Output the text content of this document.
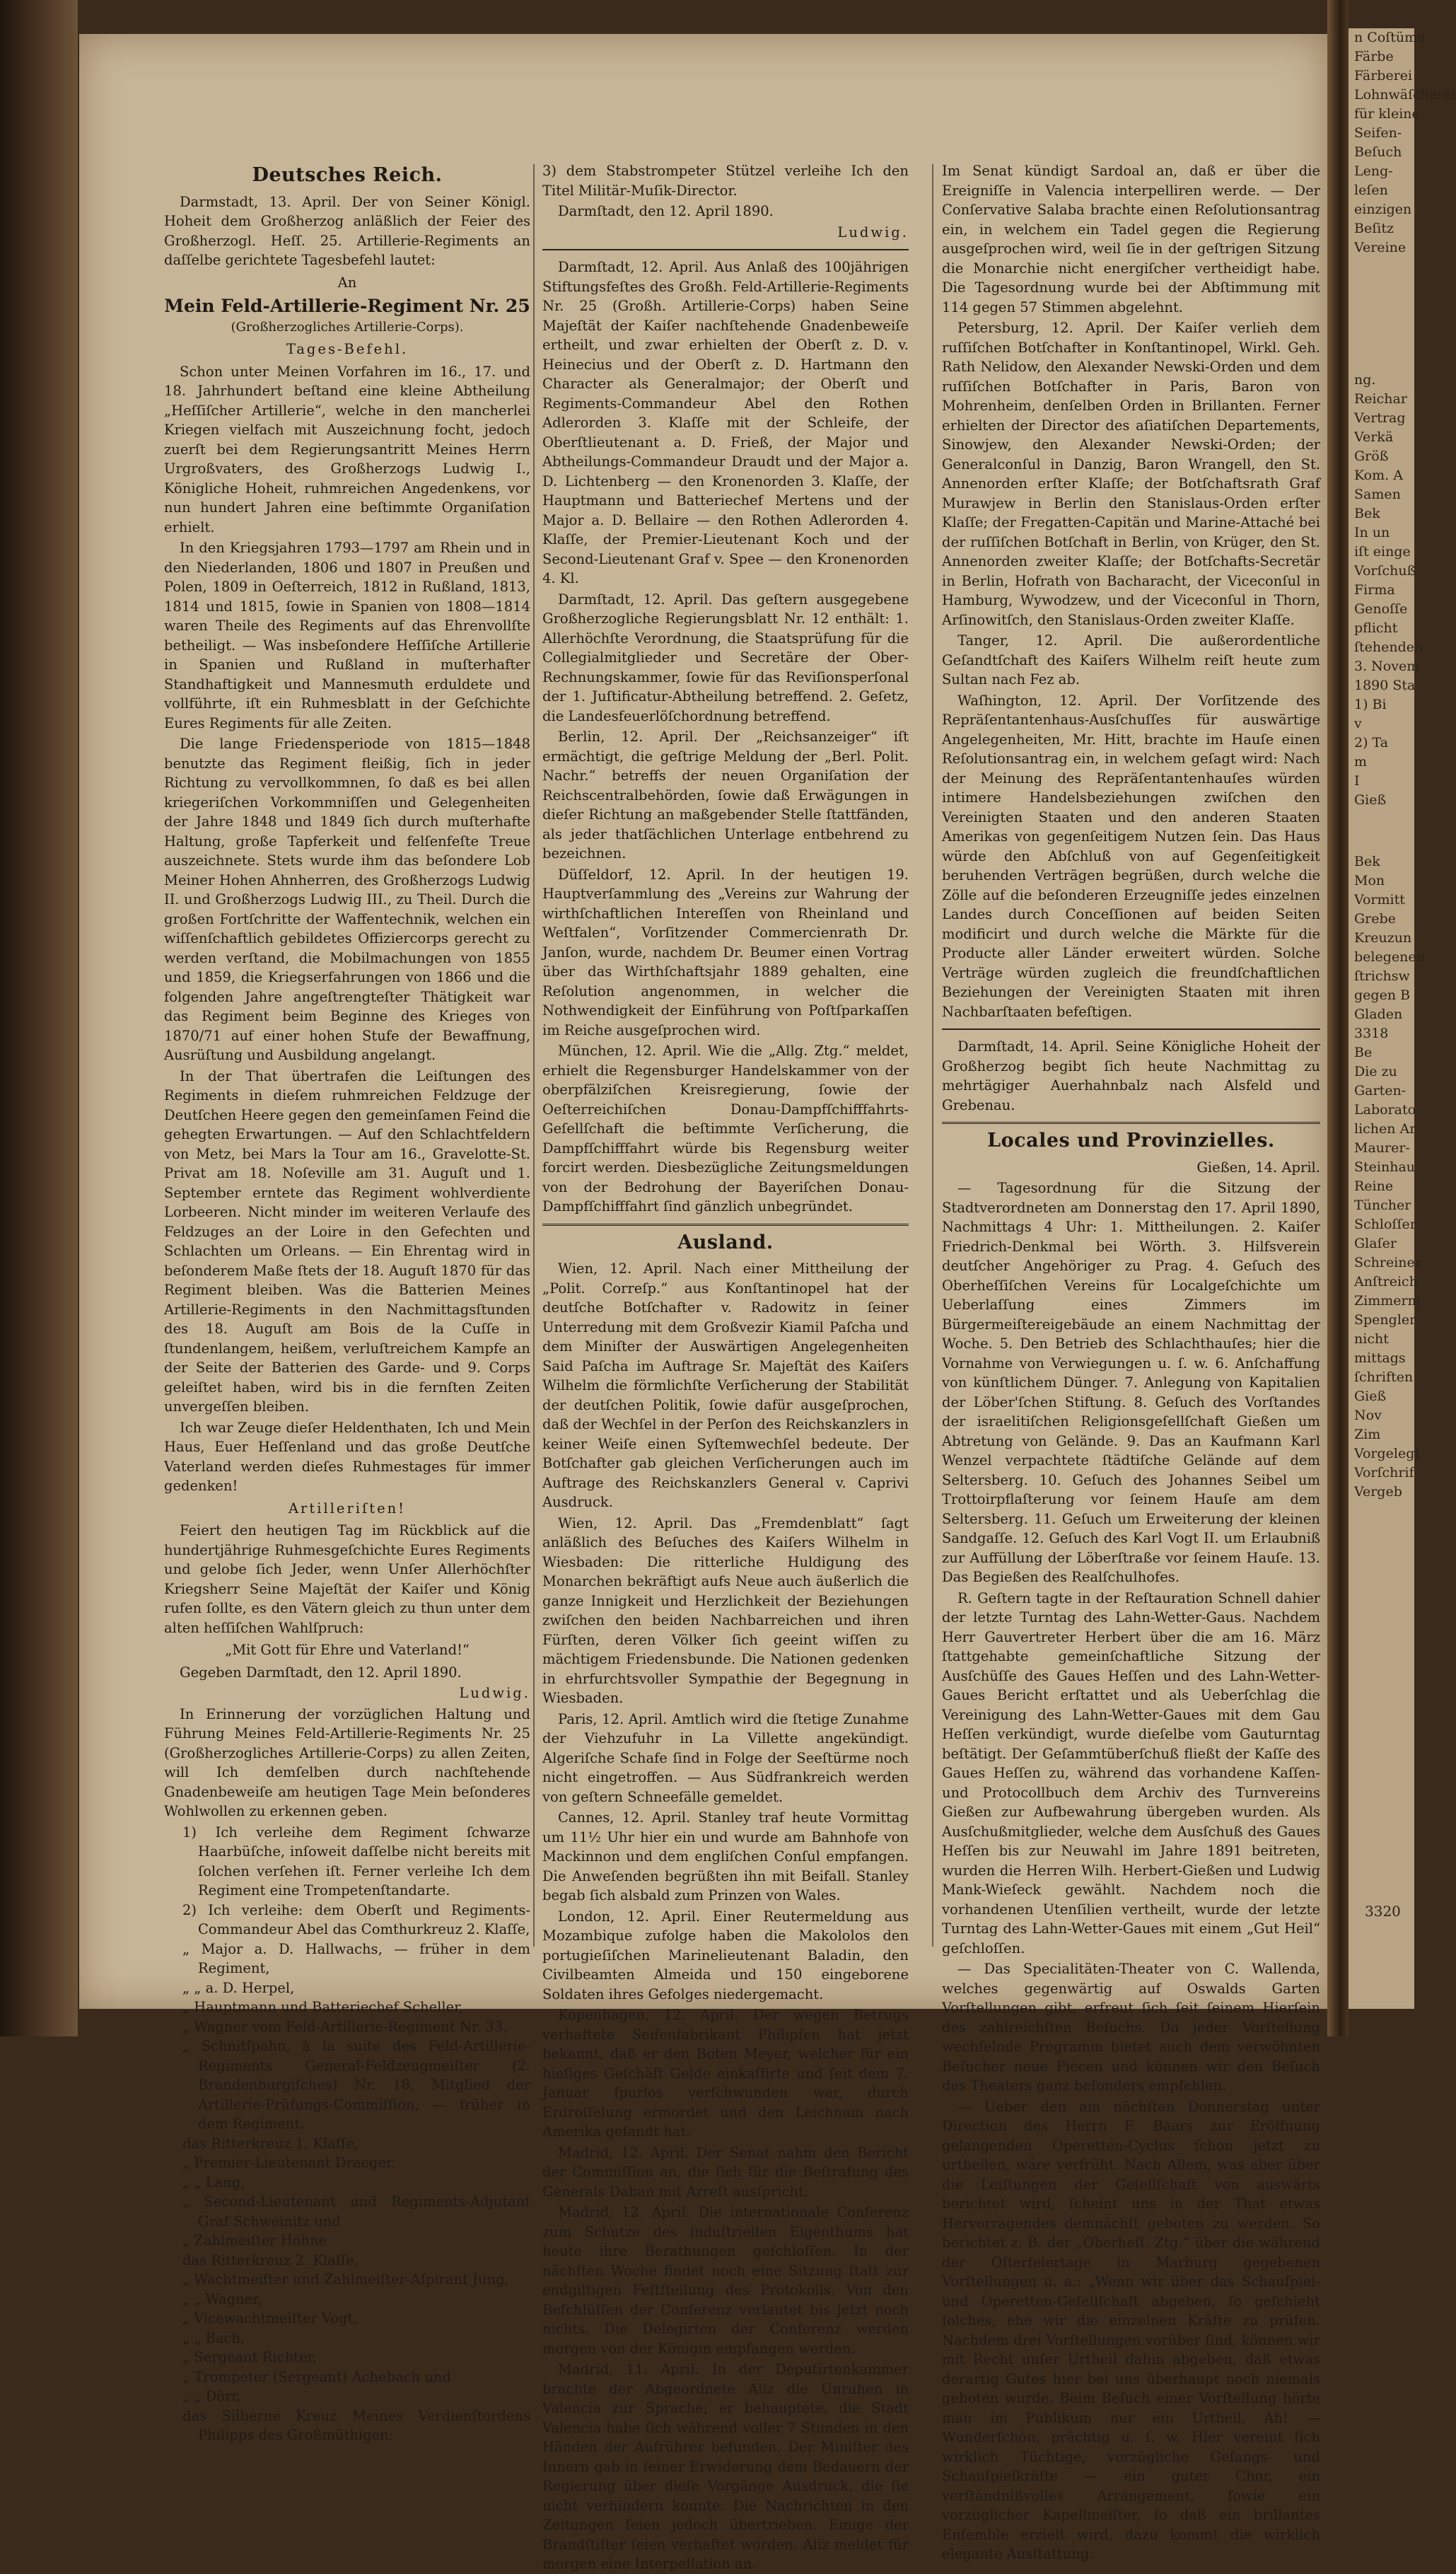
Deutsches Reich.

Darmstadt, 13. April. Der von Seiner Königl. Hoheit dem Großherzog anläßlich der Feier des Großherzogl. Heſſ. 25. Artillerie-Regiments an daſſelbe gerichtete Tagesbefehl lautet:

An
Mein Feld-Artillerie-Regiment Nr. 25
(Großherzogliches Artillerie-Corps).
Tages-Befehl.

Schon unter Meinen Vorfahren im 16., 17. und 18. Jahrhundert beſtand eine kleine Abtheilung „Heſſiſcher Artillerie“, welche in den mancherlei Kriegen vielfach mit Auszeichnung focht, jedoch zuerſt bei dem Regierungsantritt Meines Herrn Urgroßvaters, des Großherzogs Ludwig I., Königliche Hoheit, ruhmreichen Angedenkens, vor nun hundert Jahren eine beſtimmte Organiſation erhielt.

In den Kriegsjahren 1793—1797 am Rhein und in den Niederlanden, 1806 und 1807 in Preußen und Polen, 1809 in Oeſterreich, 1812 in Rußland, 1813, 1814 und 1815, ſowie in Spanien von 1808—1814 waren Theile des Regiments auf das Ehrenvollſte betheiligt. — Was insbeſondere Heſſiſche Artillerie in Spanien und Rußland in muſterhafter Standhaftigkeit und Mannesmuth erduldete und vollführte, iſt ein Ruhmesblatt in der Geſchichte Eures Regiments für alle Zeiten.

Die lange Friedensperiode von 1815—1848 benutzte das Regiment fleißig, ſich in jeder Richtung zu vervollkommnen, ſo daß es bei allen kriegeriſchen Vorkommniſſen und Gelegenheiten der Jahre 1848 und 1849 ſich durch muſterhafte Haltung, große Tapferkeit und felſenfeſte Treue auszeichnete. Stets wurde ihm das beſondere Lob Meiner Hohen Ahnherren, des Großherzogs Ludwig II. und Großherzogs Ludwig III., zu Theil. Durch die großen Fortſchritte der Waffentechnik, welchen ein wiſſenſchaftlich gebildetes Offiziercorps gerecht zu werden verſtand, die Mobilmachungen von 1855 und 1859, die Kriegserfahrungen von 1866 und die folgenden Jahre angeſtrengteſter Thätigkeit war das Regiment beim Beginne des Krieges von 1870/71 auf einer hohen Stufe der Bewaffnung, Ausrüſtung und Ausbildung angelangt.

In der That übertrafen die Leiſtungen des Regiments in dieſem ruhmreichen Feldzuge der Deutſchen Heere gegen den gemeinſamen Feind die gehegten Erwartungen. — Auf den Schlachtfeldern von Metz, bei Mars la Tour am 16., Gravelotte-St. Privat am 18. Noſeville am 31. Auguſt und 1. September erntete das Regiment wohlverdiente Lorbeeren. Nicht minder im weiteren Verlaufe des Feldzuges an der Loire in den Gefechten und Schlachten um Orleans. — Ein Ehrentag wird in beſonderem Maße ſtets der 18. Auguſt 1870 für das Regiment bleiben. Was die Batterien Meines Artillerie-Regiments in den Nachmittagsſtunden des 18. Auguſt am Bois de la Cuſſe in ſtundenlangem, heißem, verluſtreichem Kampfe an der Seite der Batterien des Garde- und 9. Corps geleiſtet haben, wird bis in die fernſten Zeiten unvergeſſen bleiben.

Ich war Zeuge dieſer Heldenthaten, Ich und Mein Haus, Euer Heſſenland und das große Deutſche Vaterland werden dieſes Ruhmestages für immer gedenken!

Artilleriſten!

Feiert den heutigen Tag im Rückblick auf die hundertjährige Ruhmesgeſchichte Eures Regiments und gelobe ſich Jeder, wenn Unſer Allerhöchſter Kriegsherr Seine Majeſtät der Kaiſer und König rufen ſollte, es den Vätern gleich zu thun unter dem alten heſſiſchen Wahlſpruch:

„Mit Gott für Ehre und Vaterland!“

Gegeben Darmſtadt, den 12. April 1890.

Ludwig.

In Erinnerung der vorzüglichen Haltung und Führung Meines Feld-Artillerie-Regiments Nr. 25 (Großherzogliches Artillerie-Corps) zu allen Zeiten, will Ich demſelben durch nachſtehende Gnadenbeweiſe am heutigen Tage Mein beſonderes Wohlwollen zu erkennen geben.

1) Ich verleihe dem Regiment ſchwarze Haarbüſche, inſoweit daſſelbe nicht bereits mit ſolchen verſehen iſt. Ferner verleihe Ich dem Regiment eine Trompetenſtandarte.
2) Ich verleihe: dem Oberſt und Regiments-Commandeur Abel das Comthurkreuz 2. Klaſſe,
„ Major a. D. Hallwachs, — früher in dem Regiment,
„ „ a. D. Herpel,
„ Hauptmann und Batteriechef Scheller,
„ Wagner vom Feld-Artillerie-Regiment Nr. 33,
„ Schnitſpahn, à la suite des Feld-Artillerie-Regiments General-Feldzeugmeiſter (2. Brandenburgiſches) Nr. 18, Mitglied der Artillerie-Prüfungs-Commiſſion, — früher in dem Regiment.
das Ritterkreuz 1. Klaſſe,
„ Premier-Lieutenant Draeger,
„ „ Lang,
„ Second-Lieutenant und Regiments-Adjutant Graf Schweinitz und
„ Zahlmeiſter Höhne
das Ritterkreuz 2. Klaſſe,
„ Wachtmeiſter und Zahlmeiſter-Aſpirant Jung,
„ „ Wagner,
„ Vicewachtmeiſter Vogt,
„ „ Bach,
„ Sergeant Richter,
„ Trompeter (Sergeant) Achebach und
„ „ Dörr,
das Silberne Kreuz Meines Verdienſtordens Philipps des Großmüthigen;

3) dem Stabstrompeter Stützel verleihe Ich den Titel Militär-Muſik-Director.

Darmſtadt, den 12. April 1890.

Ludwig.

Darmſtadt, 12. April. Aus Anlaß des 100jährigen Stiftungsfeſtes des Großh. Feld-Artillerie-Regiments Nr. 25 (Großh. Artillerie-Corps) haben Seine Majeſtät der Kaiſer nachſtehende Gnadenbeweiſe ertheilt, und zwar erhielten der Oberſt z. D. v. Heinecius und der Oberſt z. D. Hartmann den Character als Generalmajor; der Oberſt und Regiments-Commandeur Abel den Rothen Adlerorden 3. Klaſſe mit der Schleife, der Oberſtlieutenant a. D. Frieß, der Major und Abtheilungs-Commandeur Draudt und der Major a. D. Lichtenberg — den Kronenorden 3. Klaſſe, der Hauptmann und Batteriechef Mertens und der Major a. D. Bellaire — den Rothen Adlerorden 4. Klaſſe, der Premier-Lieutenant Koch und der Second-Lieutenant Graf v. Spee — den Kronenorden 4. Kl.

Darmſtadt, 12. April. Das geſtern ausgegebene Großherzogliche Regierungsblatt Nr. 12 enthält: 1. Allerhöchſte Verordnung, die Staatsprüfung für die Collegialmitglieder und Secretäre der Ober-Rechnungskammer, ſowie für das Reviſionsperſonal der 1. Juſtificatur-Abtheilung betreffend. 2. Geſetz, die Landesfeuerlöſchordnung betreffend.

Berlin, 12. April. Der „Reichsanzeiger“ iſt ermächtigt, die geſtrige Meldung der „Berl. Polit. Nachr.“ betreffs der neuen Organiſation der Reichscentralbehörden, ſowie daß Erwägungen in dieſer Richtung an maßgebender Stelle ſtattfänden, als jeder thatſächlichen Unterlage entbehrend zu bezeichnen.

Düſſeldorf, 12. April. In der heutigen 19. Hauptverſammlung des „Vereins zur Wahrung der wirthſchaftlichen Intereſſen von Rheinland und Weſtfalen“, Vorſitzender Commercienrath Dr. Janſon, wurde, nachdem Dr. Beumer einen Vortrag über das Wirthſchaftsjahr 1889 gehalten, eine Reſolution angenommen, in welcher die Nothwendigkeit der Einführung von Poſtſparkaſſen im Reiche ausgeſprochen wird.

München, 12. April. Wie die „Allg. Ztg.“ meldet, erhielt die Regensburger Handelskammer von der oberpfälziſchen Kreisregierung, ſowie der Oeſterreichiſchen Donau-Dampfſchifffahrts-Geſellſchaft die beſtimmte Verſicherung, die Dampfſchifffahrt würde bis Regensburg weiter forcirt werden. Diesbezügliche Zeitungsmeldungen von der Bedrohung der Bayeriſchen Donau-Dampfſchifffahrt ſind gänzlich unbegründet.

Ausland.

Wien, 12. April. Nach einer Mittheilung der „Polit. Correſp.“ aus Konſtantinopel hat der deutſche Botſchafter v. Radowitz in ſeiner Unterredung mit dem Großvezir Kiamil Paſcha und dem Miniſter der Auswärtigen Angelegenheiten Said Paſcha im Auftrage Sr. Majeſtät des Kaiſers Wilhelm die förmlichſte Verſicherung der Stabilität der deutſchen Politik, ſowie dafür ausgeſprochen, daß der Wechſel in der Perſon des Reichskanzlers in keiner Weiſe einen Syſtemwechſel bedeute. Der Botſchafter gab gleichen Verſicherungen auch im Auftrage des Reichskanzlers General v. Caprivi Ausdruck.

Wien, 12. April. Das „Fremdenblatt“ ſagt anläßlich des Beſuches des Kaiſers Wilhelm in Wiesbaden: Die ritterliche Huldigung des Monarchen bekräftigt aufs Neue auch äußerlich die ganze Innigkeit und Herzlichkeit der Beziehungen zwiſchen den beiden Nachbarreichen und ihren Fürſten, deren Völker ſich geeint wiſſen zu mächtigem Friedensbunde. Die Nationen gedenken in ehrfurchtsvoller Sympathie der Begegnung in Wiesbaden.

Paris, 12. April. Amtlich wird die ſtetige Zunahme der Viehzufuhr in La Villette angekündigt. Algeriſche Schafe ſind in Folge der Seeſtürme noch nicht eingetroffen. — Aus Südfrankreich werden von geſtern Schneefälle gemeldet.

Cannes, 12. April. Stanley traf heute Vormittag um 11½ Uhr hier ein und wurde am Bahnhofe von Mackinnon und dem engliſchen Conſul empfangen. Die Anweſenden begrüßten ihn mit Beifall. Stanley begab ſich alsbald zum Prinzen von Wales.

London, 12. April. Einer Reutermeldung aus Mozambique zufolge haben die Makololos den portugieſiſchen Marinelieutenant Baladin, den Civilbeamten Almeida und 150 eingeborene Soldaten ihres Gefolges niedergemacht.

Kopenhagen, 12. April. Der wegen Betrugs verhaftete Seifenfabrikant Philipſen hat jetzt bekannt, daß er den Boten Meyer, welcher für ein hieſiges Geſchäft Gelde einkaſſirte und ſeit dem 7. Januar ſpurlos verſchwunden war, durch Erdroſſelung ermordet und den Leichnam nach Amerika geſandt hat.

Madrid, 12. April. Der Senat nahm den Bericht der Commiſſion an, die ſich für die Beſtrafung des Generals Daban mit Arreſt ausſpricht.

Madrid, 12. April. Die internationale Conferenz zum Schutze des induſtriellen Eigenthums hat heute ihre Berathungen geſchloſſen. In der nächſten Woche findet noch eine Sitzung ſtatt zur endgiltigen Feſtſtellung des Protokolls. Von den Beſchlüſſen der Conferenz verlautet bis jetzt noch nichts. Die Delegirten der Conferenz werden morgen von der Königin empfangen werden.

Madrid, 11. April. In der Deputirtenkammer brachte der Abgeordnete Aliz die Unruhen in Valencia zur Sprache; er behauptete, die Stadt Valencia habe ſich während voller 7 Stunden in den Händen der Aufrührer befunden. Der Miniſter des Innern gab in ſeiner Erwiderung dem Bedauern der Regierung über dieſe Vorgänge Ausdruck, die ſie nicht verhindern konnte. Die Nachrichten in den Zeitungen ſeien jedoch übertrieben. Einige der Brandſtifter ſeien verhaftet worden. Aliz meldet für morgen eine Interpellation an.

Im Senat kündigt Sardoal an, daß er über die Ereigniſſe in Valencia interpelliren werde. — Der Conſervative Salaba brachte einen Reſolutionsantrag ein, in welchem ein Tadel gegen die Regierung ausgeſprochen wird, weil ſie in der geſtrigen Sitzung die Monarchie nicht energiſcher vertheidigt habe. Die Tagesordnung wurde bei der Abſtimmung mit 114 gegen 57 Stimmen abgelehnt.

Petersburg, 12. April. Der Kaiſer verlieh dem ruſſiſchen Botſchafter in Konſtantinopel, Wirkl. Geh. Rath Nelidow, den Alexander Newski-Orden und dem ruſſiſchen Botſchafter in Paris, Baron von Mohrenheim, denſelben Orden in Brillanten. Ferner erhielten der Director des aſiatiſchen Departements, Sinowjew, den Alexander Newski-Orden; der Generalconſul in Danzig, Baron Wrangell, den St. Annenorden erſter Klaſſe; der Botſchaftsrath Graf Murawjew in Berlin den Stanislaus-Orden erſter Klaſſe; der Fregatten-Capitän und Marine-Attaché bei der ruſſiſchen Botſchaft in Berlin, von Krüger, den St. Annenorden zweiter Klaſſe; der Botſchafts-Secretär in Berlin, Hofrath von Bacharacht, der Viceconſul in Hamburg, Wywodzew, und der Viceconſul in Thorn, Arſinowitſch, den Stanislaus-Orden zweiter Klaſſe.

Tanger, 12. April. Die außerordentliche Geſandtſchaft des Kaiſers Wilhelm reiſt heute zum Sultan nach Fez ab.

Waſhington, 12. April. Der Vorſitzende des Repräſentantenhaus-Ausſchuſſes für auswärtige Angelegenheiten, Mr. Hitt, brachte im Hauſe einen Reſolutionsantrag ein, in welchem geſagt wird: Nach der Meinung des Repräſentantenhauſes würden intimere Handelsbeziehungen zwiſchen den Vereinigten Staaten und den anderen Staaten Amerikas von gegenſeitigem Nutzen ſein. Das Haus würde den Abſchluß von auf Gegenſeitigkeit beruhenden Verträgen begrüßen, durch welche die Zölle auf die beſonderen Erzeugniſſe jedes einzelnen Landes durch Conceſſionen auf beiden Seiten modificirt und durch welche die Märkte für die Producte aller Länder erweitert würden. Solche Verträge würden zugleich die freundſchaftlichen Beziehungen der Vereinigten Staaten mit ihren Nachbarſtaaten befeſtigen.

Darmſtadt, 14. April. Seine Königliche Hoheit der Großherzog begibt ſich heute Nachmittag zu mehrtägiger Auerhahnbalz nach Alsfeld und Grebenau.

Locales und Provinzielles.
Gießen, 14. April.

— Tagesordnung für die Sitzung der Stadtverordneten am Donnerstag den 17. April 1890, Nachmittags 4 Uhr: 1. Mittheilungen. 2. Kaiſer Friedrich-Denkmal bei Wörth. 3. Hilfsverein deutſcher Angehöriger zu Prag. 4. Geſuch des Oberheſſiſchen Vereins für Localgeſchichte um Ueberlaſſung eines Zimmers im Bürgermeiſtereigebäude an einem Nachmittag der Woche. 5. Den Betrieb des Schlachthauſes; hier die Vornahme von Verwiegungen u. ſ. w. 6. Anſchaffung von künſtlichem Dünger. 7. Anlegung von Kapitalien der Löber'ſchen Stiftung. 8. Geſuch des Vorſtandes der israelitiſchen Religionsgeſellſchaft Gießen um Abtretung von Gelände. 9. Das an Kaufmann Karl Wenzel verpachtete ſtädtiſche Gelände auf dem Seltersberg. 10. Geſuch des Johannes Seibel um Trottoirpflaſterung vor ſeinem Hauſe am dem Seltersberg. 11. Geſuch um Erweiterung der kleinen Sandgaſſe. 12. Geſuch des Karl Vogt II. um Erlaubniß zur Auffüllung der Löberſtraße vor ſeinem Hauſe. 13. Das Begießen des Realſchulhofes.

R. Geſtern tagte in der Reſtauration Schnell dahier der letzte Turntag des Lahn-Wetter-Gaus. Nachdem Herr Gauvertreter Herbert über die am 16. März ſtattgehabte gemeinſchaftliche Sitzung der Ausſchüſſe des Gaues Heſſen und des Lahn-Wetter-Gaues Bericht erſtattet und als Ueberſchlag die Vereinigung des Lahn-Wetter-Gaues mit dem Gau Heſſen verkündigt, wurde dieſelbe vom Gauturntag beſtätigt. Der Geſammtüberſchuß fließt der Kaſſe des Gaues Heſſen zu, während das vorhandene Kaſſen- und Protocollbuch dem Archiv des Turnvereins Gießen zur Aufbewahrung übergeben wurden. Als Ausſchußmitglieder, welche dem Ausſchuß des Gaues Heſſen bis zur Neuwahl im Jahre 1891 beitreten, wurden die Herren Wilh. Herbert-Gießen und Ludwig Mank-Wieſeck gewählt. Nachdem noch die vorhandenen Utenſilien vertheilt, wurde der letzte Turntag des Lahn-Wetter-Gaues mit einem „Gut Heil“ geſchloſſen.

— Das Specialitäten-Theater von C. Wallenda, welches gegenwärtig auf Oswalds Garten Vorſtellungen gibt, erfreut ſich ſeit ſeinem Hierſein des zahlreichſten Beſuchs. Da jeder Vorſtellung wechſelnde Programm bietet auch dem verwöhnten Beſucher neue Piècen und können wir den Beſuch des Theaters ganz beſonders empfehlen.

— Ueber den am nächſten Donnerstag unter Direction des Herrn F. Baars zur Eröffnung gelangenden Operetten-Cyclus ſchon jetzt zu urtheilen, wäre verfrüht. Nach Allem, was aber über die Leiſtungen der Geſellſchaft von auswärts berichtet wird, ſcheint uns in der That etwas Hervorragendes demnächſt geboten zu werden. So berichtet z. B. der „Oberheſſ. Ztg.“ über die während der Oſterfeiertage in Marburg gegebenen Vorſtellungen u. a.: „Wenn wir über das Schauſpiel- und Operetten-Geſellſchaft abgeben, ſo geſchieht ſolches, ehe wir die einzelnen Kräfte zu prüfen. Nachdem drei Vorſtellungen vorüber ſind, können wir mit Recht unſer Urtheil dahin abgeben, daß etwas derartig Gutes hier bei uns überhaupt noch niemals geboten wurde. Beim Beſuch einer Vorſtellung hörte man im Publikum nur ein Urtheil, Ah! — Wunderſchön, prächtig u. ſ. w. Hier vereint ſich wirklich Tüchtige, vorzügliche Geſangs- und Schauſpielkräfte — ein guter Chor, ein verſtändnißvolles Arrangement, ſowie ein vorzüglicher Kapellmeiſter, ſo daß ein brillantes Enſemble erzielt wird, dazu kommt die wirklich elegante Ausſtattung.

n Coſtüme
Färbe
Färberei
Lohnwäſcherei
für kleine
Seifen-
Beſuch
Leng-
leſen
einzigen
Beſitz
Vereine
ng.
Reichar
Vertrag
Verkä
Größ
Kom. A
Samen
Bek
In un
iſt einge
Vorſchuß
Firma
Genoſſe
pflicht
ſtehenden
3. Novem
1890 Sta
1) Bi
v
2) Ta
m
I
Gieß
Bek
Mon
Vormitt
Grebe
Kreuzun
belegenen
ſtrichsw
gegen B
Gladen
3318
Be
Die zu
Garten-
Laborato
lichen Ar
Maurer-
Steinhau
Reine
Tüncher
Schloſſer
Glaſer
Schreiner
Anſtreich
Zimmerm
Spengler
nicht
mittags
ſchriften
Gieß
Nov
Zim
Vorgelegt
Vorſchrif
Vergeb
3320
